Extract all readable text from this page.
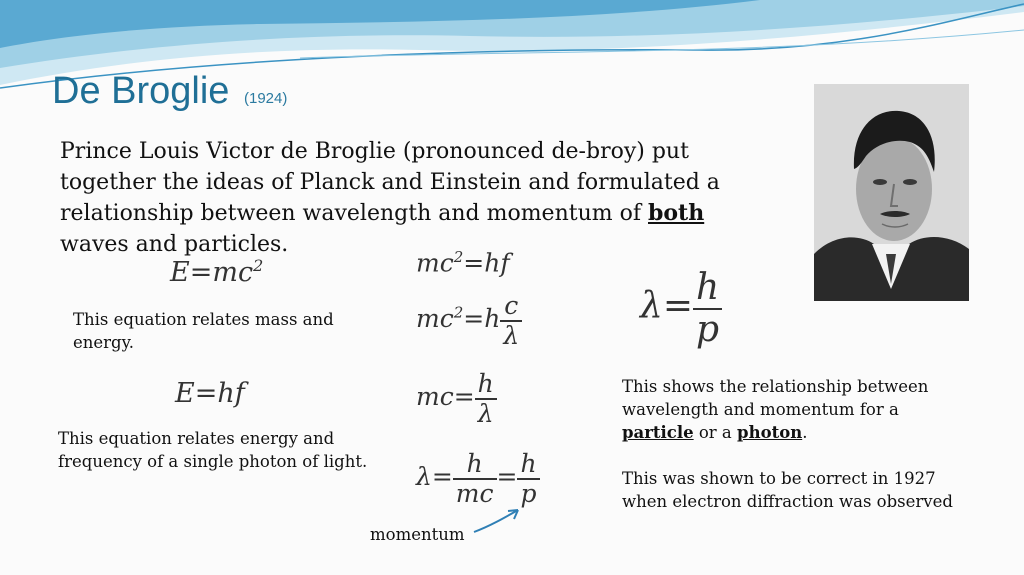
De Broglie (1924)
Prince Louis Victor de Broglie (pronounced de-broy) put together the ideas of Planck and Einstein and formulated a relationship between wavelength and momentum of both waves and particles.
$E=mc^2$	$mc^2=hf$
$mc^2=h \frac{c}{\lambda}$
E=hf	$mc= \frac{h}{\lambda}$
$\lambda= \frac{h}{mc} = \frac{h}{p}$
$\lambda= \frac{h}{p}$
This equation relates mass and energy.
This equation relates energy and frequency of a single photon of light.
This shows the relationship between wavelength and momentum for a particle or a photon.
This was shown to be correct in 1927 when electron diffraction was observed
momentum
